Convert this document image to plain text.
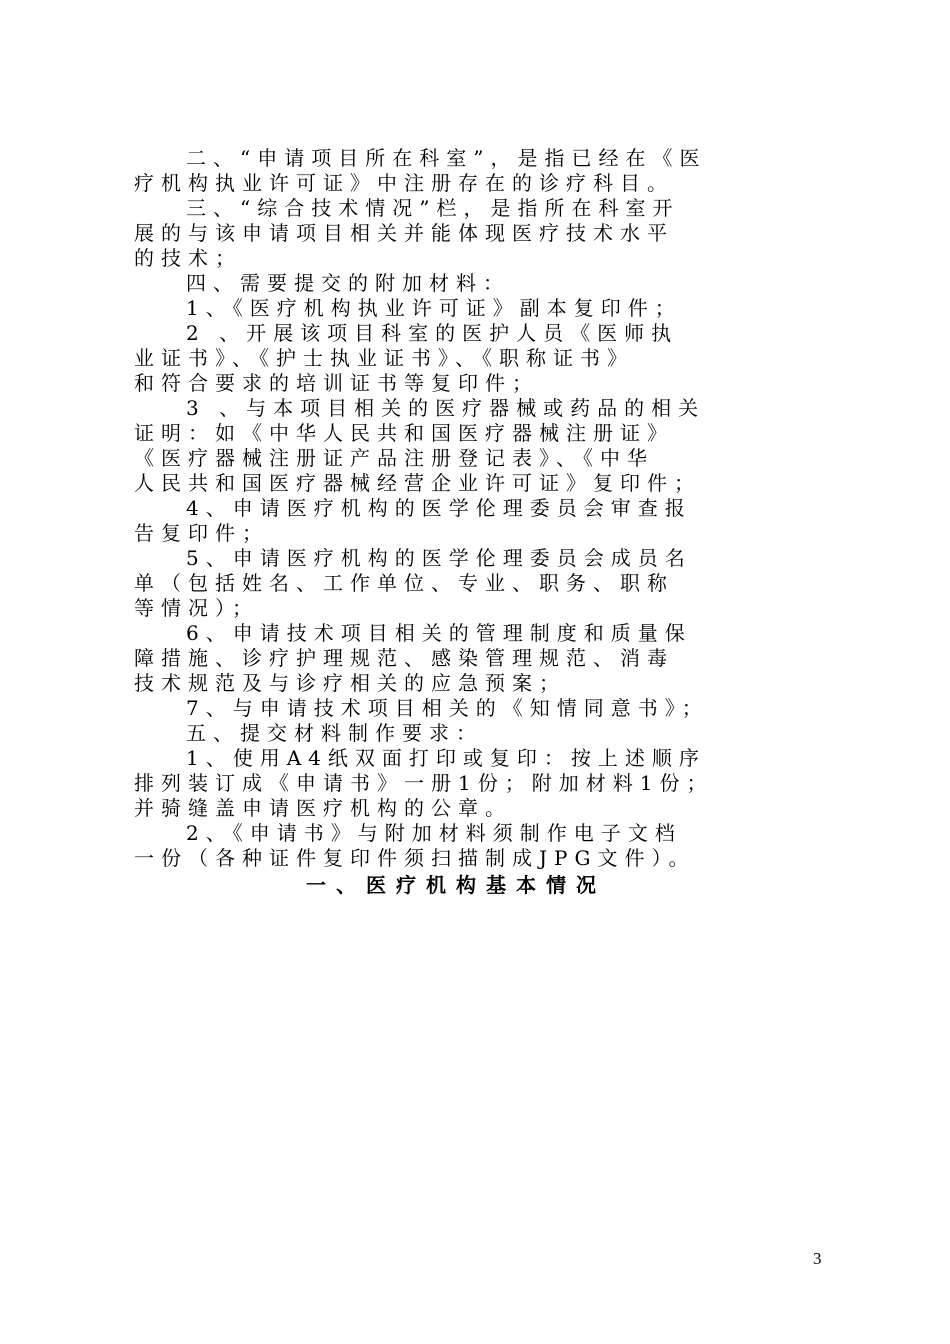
二、“申请项目所在科室”，是指已经在《医
疗机构执业许可证》中注册存在的诊疗科目。
三、“综合技术情况”栏，是指所在科室开
展的与该申请项目相关并能体现医疗技术水平
的技术；
四、需要提交的附加材料：
1、《医疗机构执业许可证》副本复印件；
2 、开展该项目科室的医护人员《医师执
业证书》、《护士执业证书》、《职称证书》
和符合要求的培训证书等复印件；
3 、与本项目相关的医疗器械或药品的相关
证明：如《中华人民共和国医疗器械注册证》
《医疗器械注册证产品注册登记表》、《中华
人民共和国医疗器械经营企业许可证》复印件；
4、申请医疗机构的医学伦理委员会审查报
告复印件；
5、申请医疗机构的医学伦理委员会成员名
单（包括姓名、工作单位、专业、职务、职称
等情况）；
6、申请技术项目相关的管理制度和质量保
障措施、诊疗护理规范、感染管理规范、消毒
技术规范及与诊疗相关的应急预案；
7、与申请技术项目相关的《知情同意书》；
五、提交材料制作要求：
1、使用A4纸双面打印或复印：按上述顺序
排列装订成《申请书》一册1份；附加材料1份；
并骑缝盖申请医疗机构的公章。
2、《申请书》与附加材料须制作电子文档
一份（各种证件复印件须扫描制成JPG文件）。
一、医疗机构基本情况
3
